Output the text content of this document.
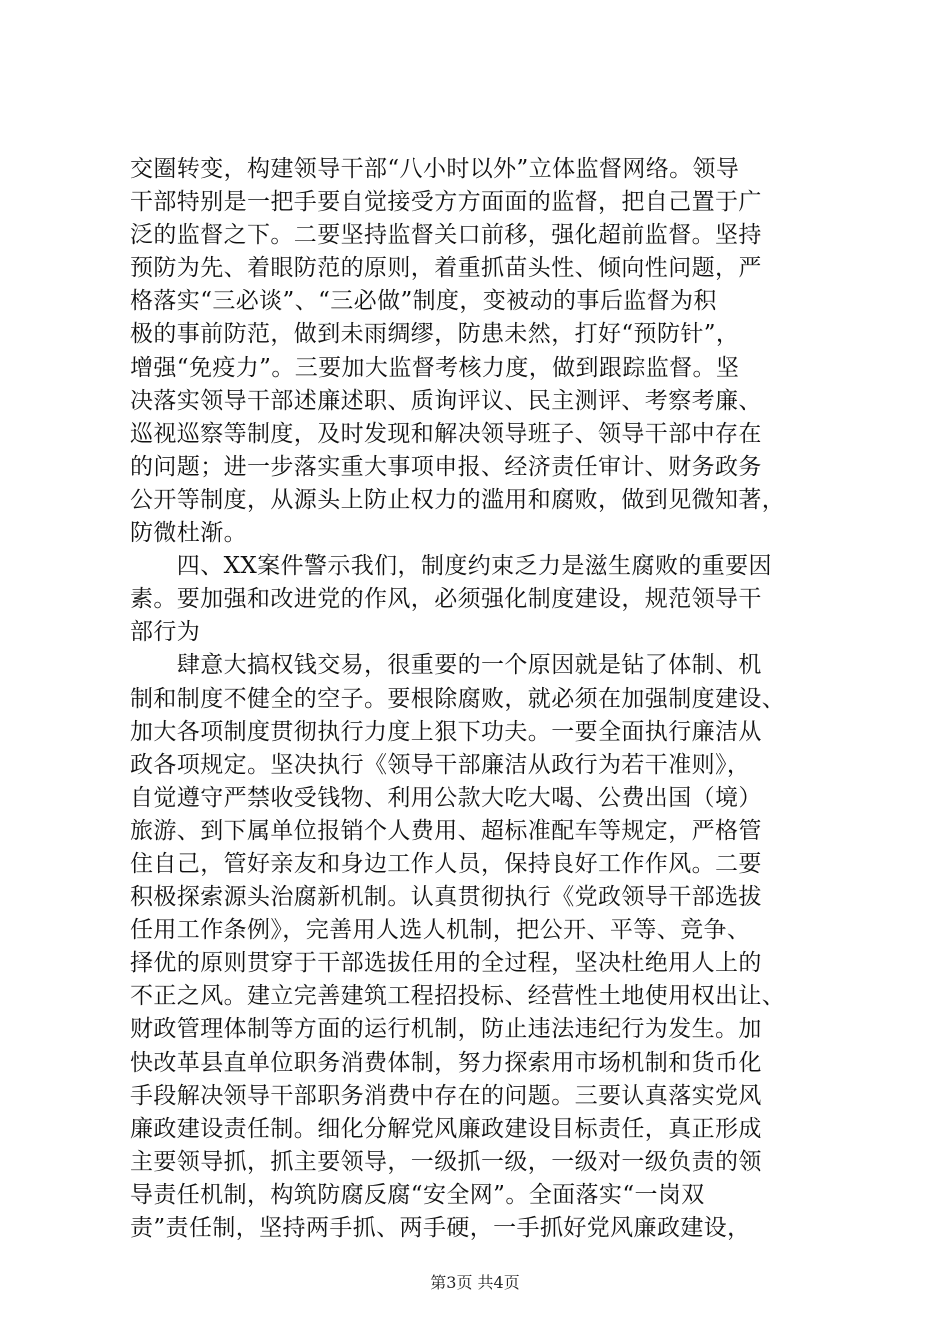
交圈转变，构建领导干部“八小时以外”立体监督网络。领导
干部特别是一把手要自觉接受方方面面的监督，把自己置于广
泛的监督之下。二要坚持监督关口前移，强化超前监督。坚持
预防为先、着眼防范的原则，着重抓苗头性、倾向性问题，严
格落实“三必谈”、“三必做”制度，变被动的事后监督为积
极的事前防范，做到未雨绸缪，防患未然，打好“预防针”，
增强“免疫力”。三要加大监督考核力度，做到跟踪监督。坚
决落实领导干部述廉述职、质询评议、民主测评、考察考廉、
巡视巡察等制度，及时发现和解决领导班子、领导干部中存在
的问题；进一步落实重大事项申报、经济责任审计、财务政务
公开等制度，从源头上防止权力的滥用和腐败，做到见微知著，
防微杜渐。
　　四、XX案件警示我们，制度约束乏力是滋生腐败的重要因
素。要加强和改进党的作风，必须强化制度建设，规范领导干
部行为
　　肆意大搞权钱交易，很重要的一个原因就是钻了体制、机
制和制度不健全的空子。要根除腐败，就必须在加强制度建设、
加大各项制度贯彻执行力度上狠下功夫。一要全面执行廉洁从
政各项规定。坚决执行《领导干部廉洁从政行为若干准则》，
自觉遵守严禁收受钱物、利用公款大吃大喝、公费出国（境）
旅游、到下属单位报销个人费用、超标准配车等规定，严格管
住自己，管好亲友和身边工作人员，保持良好工作作风。二要
积极探索源头治腐新机制。认真贯彻执行《党政领导干部选拔
任用工作条例》，完善用人选人机制，把公开、平等、竞争、
择优的原则贯穿于干部选拔任用的全过程，坚决杜绝用人上的
不正之风。建立完善建筑工程招投标、经营性土地使用权出让、
财政管理体制等方面的运行机制，防止违法违纪行为发生。加
快改革县直单位职务消费体制，努力探索用市场机制和货币化
手段解决领导干部职务消费中存在的问题。三要认真落实党风
廉政建设责任制。细化分解党风廉政建设目标责任，真正形成
主要领导抓，抓主要领导，一级抓一级，一级对一级负责的领
导责任机制，构筑防腐反腐“安全网”。全面落实“一岗双
责”责任制，坚持两手抓、两手硬，一手抓好党风廉政建设，
第3页 共4页
